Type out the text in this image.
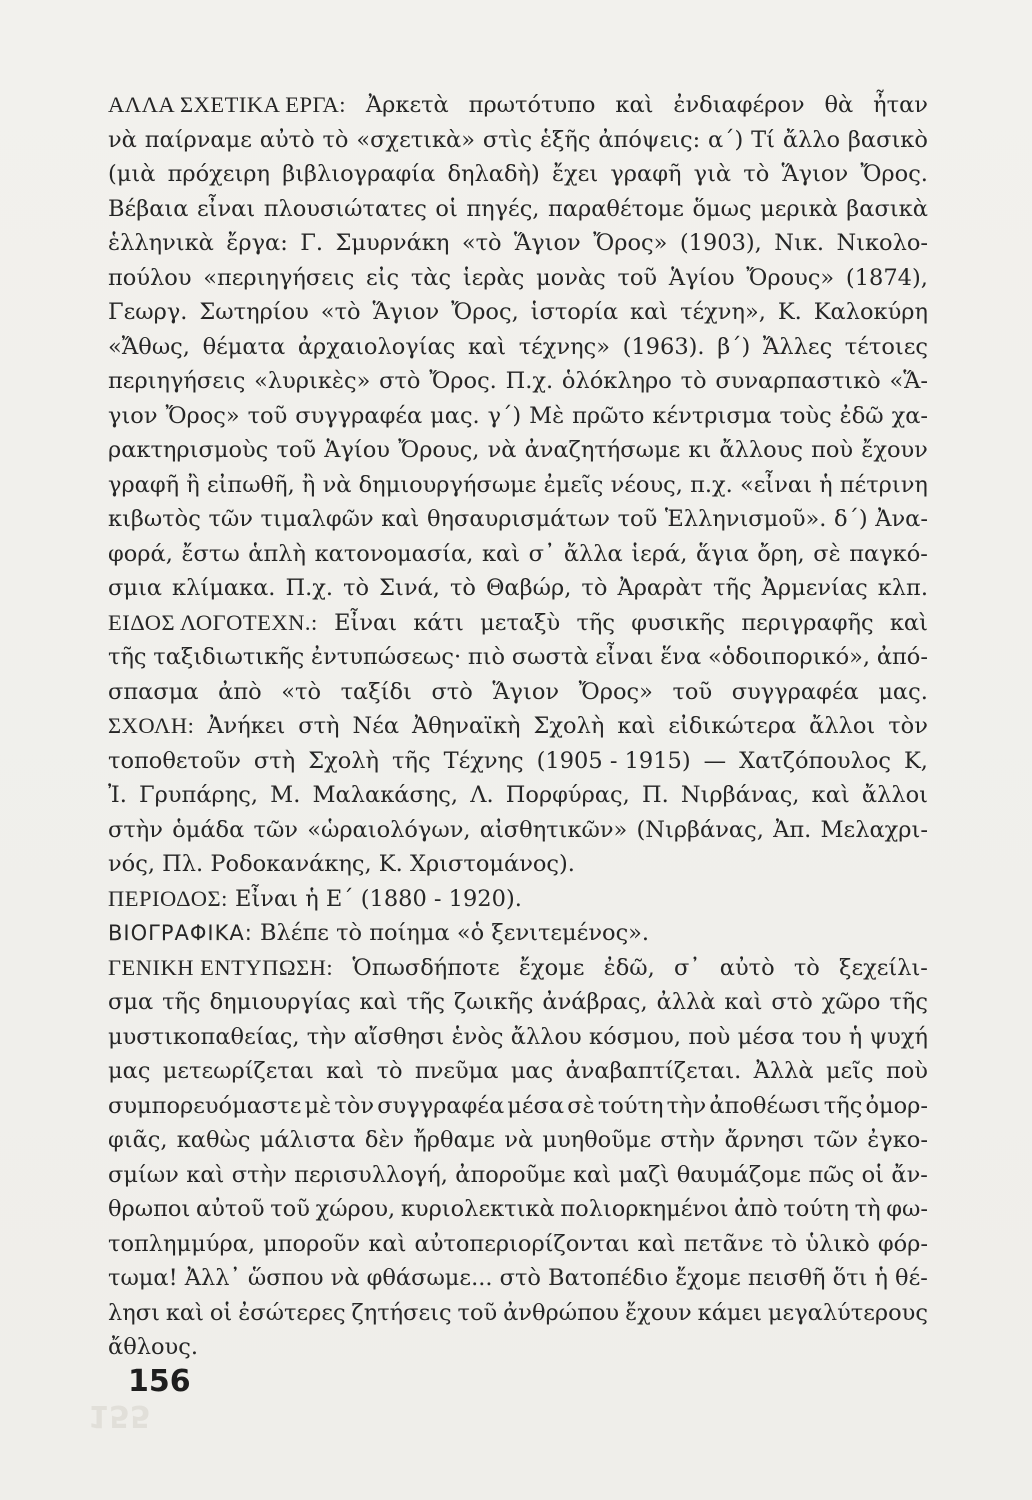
ΑΛΛΑ ΣΧΕΤΙΚΑ ΕΡΓΑ: Ἀρκετὰ πρωτότυπο καὶ ἐνδιαφέρον θὰ ἦταν
νὰ παίρναμε αὐτὸ τὸ «σχετικὰ» στὶς ἑξῆς ἀπόψεις: α΄) Τί ἄλλο βασικὸ
(μιὰ πρόχειρη βιβλιογραφία δηλαδὴ) ἔχει γραφῆ γιὰ τὸ Ἅγιον Ὄρος.
Βέβαια εἶναι πλουσιώτατες οἱ πηγές, παραθέτομε ὅμως μερικὰ βασικὰ
ἑλληνικὰ ἔργα: Γ. Σμυρνάκη «τὸ Ἅγιον Ὄρος» (1903), Νικ. Νικολο-
πούλου «περιηγήσεις εἰς τὰς ἱερὰς μονὰς τοῦ Ἁγίου Ὄρους» (1874),
Γεωργ. Σωτηρίου «τὸ Ἅγιον Ὄρος, ἱστορία καὶ τέχνη», Κ. Καλοκύρη
«Ἄθως, θέματα ἀρχαιολογίας καὶ τέχνης» (1963). β΄) Ἄλλες τέτοιες
περιηγήσεις «λυρικὲς» στὸ Ὄρος. Π.χ. ὁλόκληρο τὸ συναρπαστικὸ «Ἅ-
γιον Ὄρος» τοῦ συγγραφέα μας. γ΄) Μὲ πρῶτο κέντρισμα τοὺς ἐδῶ χα-
ρακτηρισμοὺς τοῦ Ἁγίου Ὄρους, νὰ ἀναζητήσωμε κι ἄλλους ποὺ ἔχουν
γραφῆ ἢ εἰπωθῆ, ἢ νὰ δημιουργήσωμε ἐμεῖς νέους, π.χ. «εἶναι ἡ πέτρινη
κιβωτὸς τῶν τιμαλφῶν καὶ θησαυρισμάτων τοῦ Ἑλληνισμοῦ». δ΄) Ἀνα-
φορά, ἔστω ἁπλὴ κατονομασία, καὶ σ᾽ ἄλλα ἱερά, ἅγια ὄρη, σὲ παγκό-
σμια κλίμακα. Π.χ. τὸ Σινά, τὸ Θαβώρ, τὸ Ἀραρὰτ τῆς Ἀρμενίας κλπ.
ΕΙΔΟΣ ΛΟΓΟΤΕΧΝ.: Εἶναι κάτι μεταξὺ τῆς φυσικῆς περιγραφῆς καὶ
τῆς ταξιδιωτικῆς ἐντυπώσεως· πιὸ σωστὰ εἶναι ἕνα «ὁδοιπορικό», ἀπό-
σπασμα ἀπὸ «τὸ ταξίδι στὸ Ἅγιον Ὄρος» τοῦ συγγραφέα μας.
ΣΧΟΛΗ: Ἀνήκει στὴ Νέα Ἀθηναϊκὴ Σχολὴ καὶ εἰδικώτερα ἄλλοι τὸν
τοποθετοῦν στὴ Σχολὴ τῆς Τέχνης (1905 - 1915) — Χατζόπουλος Κ,
Ἰ. Γρυπάρης, Μ. Μαλακάσης, Λ. Πορφύρας, Π. Νιρβάνας, καὶ ἄλλοι
στὴν ὁμάδα τῶν «ὡραιολόγων, αἰσθητικῶν» (Νιρβάνας, Ἀπ. Μελαχρι-
νός, Πλ. Ροδοκανάκης, Κ. Χριστομάνος).
ΠΕΡΙΟΔΟΣ: Εἶναι ἡ Ε΄ (1880 - 1920).
ΒΙΟΓΡΑΦΙΚΑ: Βλέπε τὸ ποίημα «ὁ ξενιτεμένος».
ΓΕΝΙΚΗ ΕΝΤΥΠΩΣΗ: Ὁπωσδήποτε ἔχομε ἐδῶ, σ᾽ αὐτὸ τὸ ξεχείλι-
σμα τῆς δημιουργίας καὶ τῆς ζωικῆς ἀνάβρας, ἀλλὰ καὶ στὸ χῶρο τῆς
μυστικοπαθείας, τὴν αἴσθησι ἑνὸς ἄλλου κόσμου, ποὺ μέσα του ἡ ψυχή
μας μετεωρίζεται καὶ τὸ πνεῦμα μας ἀναβαπτίζεται. Ἀλλὰ μεῖς ποὺ
συμπορευόμαστε μὲ τὸν συγγραφέα μέσα σὲ τούτη τὴν ἀποθέωσι τῆς ὀμορ-
φιᾶς, καθὼς μάλιστα δὲν ἤρθαμε νὰ μυηθοῦμε στὴν ἄρνησι τῶν ἐγκο-
σμίων καὶ στὴν περισυλλογή, ἀποροῦμε καὶ μαζὶ θαυμάζομε πῶς οἱ ἄν-
θρωποι αὐτοῦ τοῦ χώρου, κυριολεκτικὰ πολιορκημένοι ἀπὸ τούτη τὴ φω-
τοπλημμύρα, μποροῦν καὶ αὐτοπεριορίζονται καὶ πετᾶνε τὸ ὑλικὸ φόρ-
τωμα! Ἀλλ᾽ ὥσπου νὰ φθάσωμε... στὸ Βατοπέδιο ἔχομε πεισθῆ ὅτι ἡ θέ-
λησι καὶ οἱ ἐσώτερες ζητήσεις τοῦ ἀνθρώπου ἔχουν κάμει μεγαλύτερους
ἄθλους.
156
155
